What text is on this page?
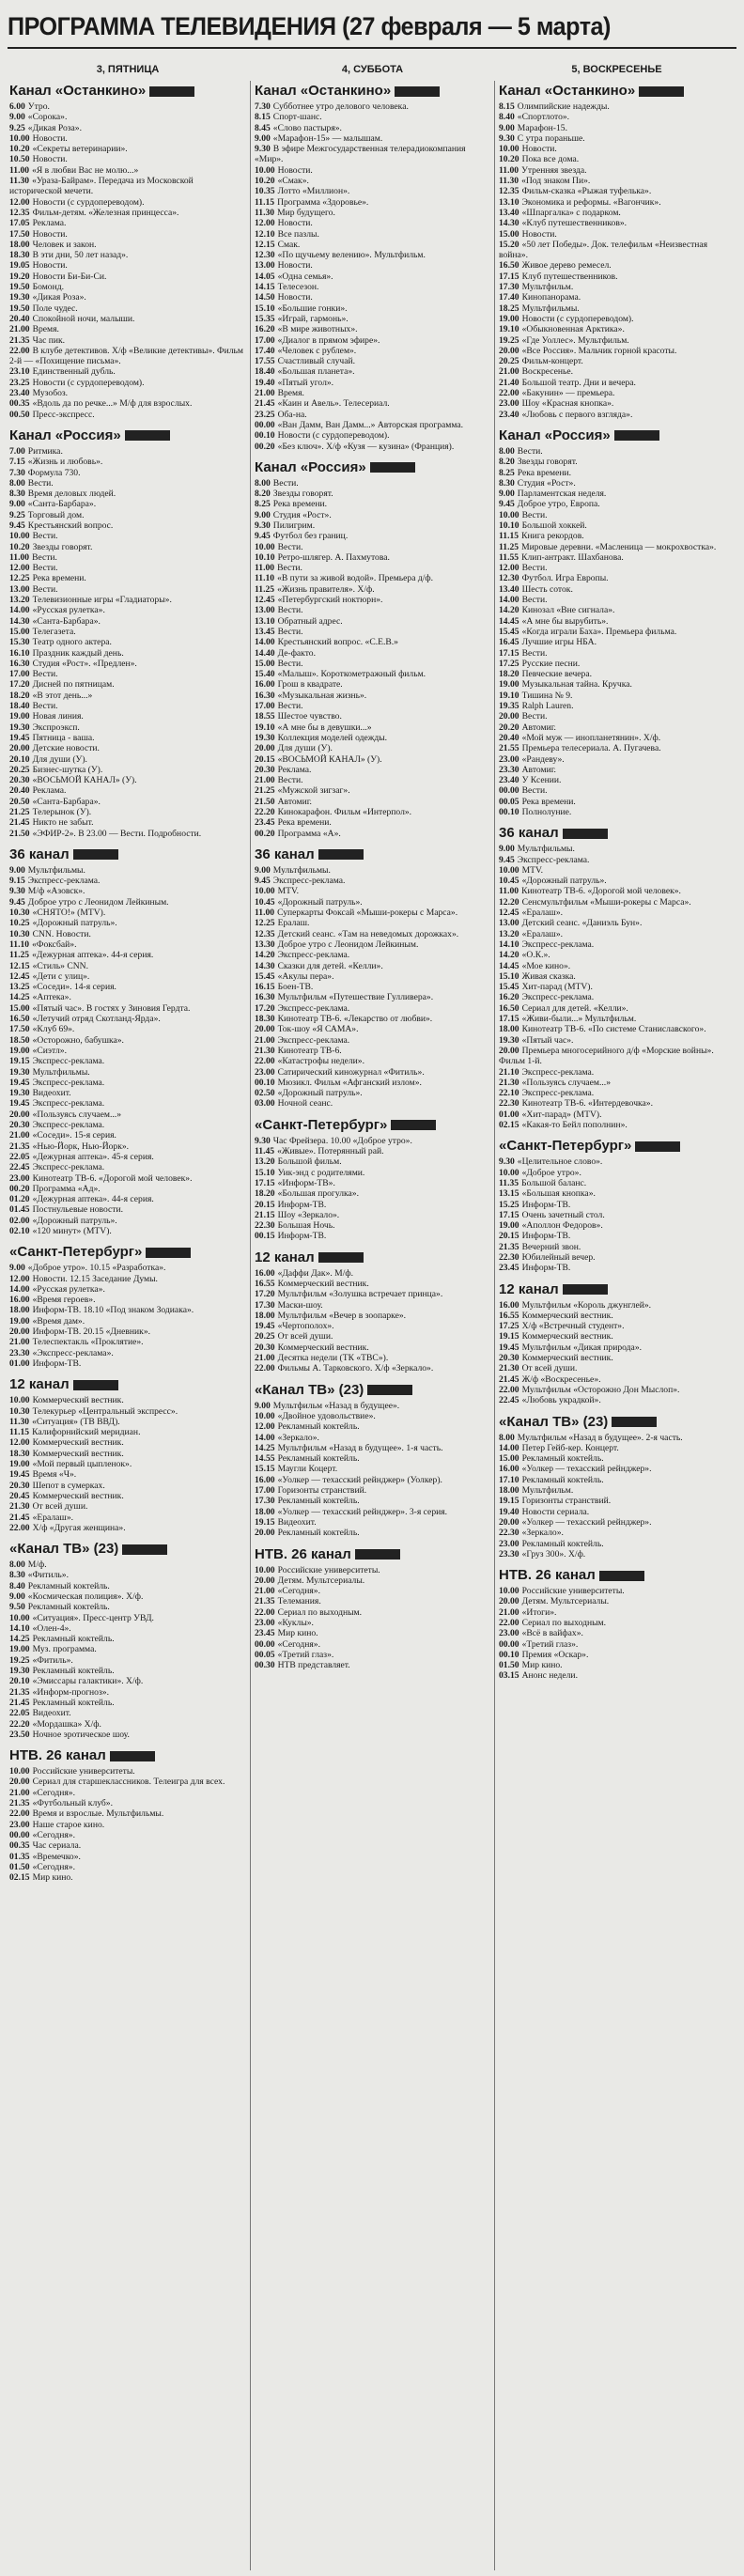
ПРОГРАММА ТЕЛЕВИДЕНИЯ (27 февраля — 5 марта)
3, ПЯТНИЦА
Канал «Останкино»

6.00 Утро.

9.00 «Сорока».

9.25 «Дикая Роза».

10.00 Новости.

10.20 «Секреты ветеринарии».

10.50 Новости.

11.00 «Я в любви Вас не молю...»

11.30 «Ураза-Байрам». Передача из Московской исторической мечети.

12.00 Новости (с сурдопереводом).

12.35 Фильм-детям. «Железная принцесса».

17.05 Реклама.

17.50 Новости.

18.00 Человек и закон.

18.30 В эти дни, 50 лет назад».

19.05 Новости.

19.20 Новости Би-Би-Си.

19.50 Бомонд.

19.30 «Дикая Роза».

19.50 Поле чудес.

20.40 Спокойной ночи, малыши.

21.00 Время.

21.35 Час пик.

22.00 В клубе детективов. Х/ф «Великие детективы». Фильм 2-й — «Похищение письма».

23.10 Единственный дубль.

23.25 Новости (с сурдопереводом).

23.40 Музобоз.

00.35 «Вдоль да по речке...» М/ф для взрослых.

00.50 Пресс-экспресс.

Канал «Россия»

7.00 Ритмика.

7.15 «Жизнь и любовь».

7.30 Формула 730.

8.00 Вести.

8.30 Время деловых людей.

9.00 «Санта-Барбара».

9.25 Торговый дом.

9.45 Крестьянский вопрос.

10.00 Вести.

10.20 Звезды говорят.

11.00 Вести.

12.00 Вести.

12.25 Река времени.

13.00 Вести.

13.20 Телевизионные игры «Гладиаторы».

14.00 «Русская рулетка».

14.30 «Санта-Барбара».

15.00 Телегазета.

15.30 Театр одного актера.

16.10 Праздник каждый день.

16.30 Студия «Рост». «Предлен».

17.00 Вести.

17.20 Дисней по пятницам.

18.20 «В этот день...»

18.40 Вести.

19.00 Новая линия.

19.30 Экспроэксп.

19.45 Пятница - ваша.

20.00 Детские новости.

20.10 Для души (У).

20.25 Бизнес-шутка (У).

20.30 «ВОСЬМОЙ КАНАЛ» (У).

20.40 Реклама.

20.50 «Санта-Барбара».

21.25 Телерынок (У).

21.45 Никто не забыт.

21.50 «ЭФИР-2». В 23.00 — Вести. Подробности.

36 канал

9.00 Мультфильмы.

9.15 Экспресс-реклама.

9.30 М/ф «Азовск».

9.45 Доброе утро с Леонидом Лейкиным.

10.30 «СНЯТО!» (MTV).

10.25 «Дорожный патруль».

10.30 CNN. Новости.

11.10 «Фоксбай».

11.25 «Дежурная аптека». 44-я серия.

12.15 «Стиль» CNN.

12.45 «Дети с улиц».

13.25 «Соседи». 14-я серия.

14.25 «Аптека».

15.00 «Пятый час». В гостях у Зиновия Гердта.

16.50 «Летучий отряд Скотланд-Ярда».

17.50 «Клуб 69».

18.50 «Осторожно, бабушка».

19.00 «Сиэтл».

19.15 Экспресс-реклама.

19.30 Мультфильмы.

19.45 Экспресс-реклама.

19.30 Видеохит.

19.45 Экспресс-реклама.

20.00 «Пользуясь случаем...»

20.30 Экспресс-реклама.

21.00 «Соседи». 15-я серия.

21.35 «Нью-Йорк, Нью-Йорк».

22.05 «Дежурная аптека». 45-я серия.

22.45 Экспресс-реклама.

23.00 Кинотеатр ТВ-6. «Дорогой мой человек».

00.20 Программа «Ад».

01.20 «Дежурная аптека». 44-я серия.

01.45 Постнульевые новости.

02.00 «Дорожный патруль».

02.10 «120 минут» (MTV).

«Санкт-Петербург»

9.00 «Доброе утро». 10.15 «Разработка».

12.00 Новости. 12.15 Заседание Думы.

14.00 «Русская рулетка».

16.00 «Время героев».

18.00 Информ-ТВ. 18.10 «Под знаком Зодиака».

19.00 «Время дам».

20.00 Информ-ТВ. 20.15 «Дневник».

21.00 Телеспектакль «Проклятие».

23.30 «Экспресс-реклама».

01.00 Информ-ТВ.

12 канал

10.00 Коммерческий вестник.

10.30 Телекурьер «Центральный экспресс».

11.30 «Ситуация» (ТВ ВВД).

11.15 Калифорнийский меридиан.

12.00 Коммерческий вестник.

18.30 Коммерческий вестник.

19.00 «Мой первый цыпленок».

19.45 Время «Ч».

20.30 Шепот в сумерках.

20.45 Коммерческий вестник.

21.30 От всей души.

21.45 «Ералаш».

22.00 Х/ф «Другая женщина».

«Канал ТВ» (23)

8.00 М/ф.

8.30 «Фитиль».

8.40 Рекламный коктейль.

9.00 «Космическая полиция». Х/ф.

9.50 Рекламный коктейль.

10.00 «Ситуация». Пресс-центр УВД.

14.10 «Олен-4».

14.25 Рекламный коктейль.

19.00 Муз. программа.

19.25 «Фитиль».

19.30 Рекламный коктейль.

20.10 «Эмиссары галактики». Х/ф.

21.35 «Информ-прогноз».

21.45 Рекламный коктейль.

22.05 Видеохит.

22.20 «Мордашка» Х/ф.

23.50 Ночное эротическое шоу.

НТВ. 26 канал

10.00 Российские университеты.

20.00 Сериал для старшеклассников. Телеигра для всех.

21.00 «Сегодня».

21.35 «Футбольный клуб».

22.00 Время и взрослые. Мультфильмы.

23.00 Наше старое кино.

00.00 «Сегодня».

00.35 Час сериала.

01.35 «Времечко».

01.50 «Сегодня».

02.15 Мир кино.

4, СУББОТА
Канал «Останкино»

7.30 Субботнее утро делового человека.

8.15 Спорт-шанс.

8.45 «Слово пастыря».

9.00 «Марафон-15» — малышам.

9.30 В эфире Межгосударственная телерадиокомпания «Мир».

10.00 Новости.

10.20 «Смак».

10.35 Лотто «Миллион».

11.15 Программа «Здоровье».

11.30 Мир будущего.

12.00 Новости.

12.10 Все пазлы.

12.15 Смак.

12.30 «По щучьему велению». Мультфильм.

13.00 Новости.

14.05 «Одна семья».

14.15 Телесезон.

14.50 Новости.

15.10 «Большие гонки».

15.35 «Играй, гармонь».

16.20 «В мире животных».

17.00 «Диалог в прямом эфире».

17.40 «Человек с рублем».

17.55 Счастливый случай.

18.40 «Большая планета».

19.40 «Пятый угол».

21.00 Время.

21.45 «Каин и Авель». Телесериал.

23.25 Оба-на.

00.00 «Ван Дамм, Ван Дамм...» Авторская программа.

00.10 Новости (с сурдопереводом).

00.20 «Без ключ». Х/ф «Кузя — кузина» (Франция).

Канал «Россия»

8.00 Вести.

8.20 Звезды говорят.

8.25 Река времени.

9.00 Студия «Рост».

9.30 Пилигрим.

9.45 Футбол без границ.

10.00 Вести.

10.10 Ретро-шлягер. А. Пахмутова.

11.00 Вести.

11.10 «В пути за живой водой». Премьера д/ф.

11.25 «Жизнь правителя». Х/ф.

12.45 «Петербургский ноктюрн».

13.00 Вести.

13.10 Обратный адрес.

13.45 Вести.

14.00 Крестьянский вопрос. «С.Е.В.»

14.40 Де-факто.

15.00 Вести.

15.40 «Малыш». Короткометражный фильм.

16.00 Грош в квадрате.

16.30 «Музыкальная жизнь».

17.00 Вести.

18.55 Шестое чувство.

19.10 «А мне бы в девушки...»

19.30 Коллекция моделей одежды.

20.00 Для души (У).

20.15 «ВОСЬМОЙ КАНАЛ» (У).

20.30 Реклама.

21.00 Вести.

21.25 «Мужской зигзаг».

21.50 Автомиг.

22.20 Кинокарафон. Фильм «Интерпол».

23.45 Река времени.

00.20 Программа «А».

36 канал

9.00 Мультфильмы.

9.45 Экспресс-реклама.

10.00 MTV.

10.45 «Дорожный патруль».

11.00 Суперкарты Фоксай «Мыши-рокеры с Марса».

12.25 Ералаш.

12.35 Детский сеанс. «Там на неведомых дорожках».

13.30 Доброе утро с Леонидом Лейкиным.

14.20 Экспресс-реклама.

14.30 Сказки для детей. «Келли».

15.45 «Акулы пера».

16.15 Боен-TB.

16.30 Мультфильм «Путешествие Гулливера».

17.20 Экспресс-реклама.

18.30 Кинотеатр ТВ-6. «Лекарство от любви».

20.00 Ток-шоу «Я САМА».

21.00 Экспресс-реклама.

21.30 Кинотеатр ТВ-6.

22.00 «Катастрофы недели».

23.00 Сатирический киножурнал «Фитиль».

00.10 Мюзикл. Фильм «Афганский излом».

02.50 «Дорожный патруль».

03.00 Ночной сеанс.

«Санкт-Петербург»

9.30 Час Фрейзера. 10.00 «Доброе утро».

11.45 «Живые». Потерянный рай.

13.20 Большой фильм.

15.10 Уик-энд с родителями.

17.15 «Информ-ТВ».

18.20 «Большая прогулка».

20.15 Информ-ТВ.

21.15 Шоу «Зеркало».

22.30 Большая Ночь.

00.15 Информ-ТВ.

12 канал

16.00 «Даффи Дак». М/ф.

16.55 Коммерческий вестник.

17.20 Мультфильм «Золушка встречает принца».

17.30 Маски-шоу.

18.00 Мультфильм «Вечер в зоопарке».

19.45 «Чертополох».

20.25 От всей души.

20.30 Коммерческий вестник.

21.00 Десятка недели (ТК «ТВС»).

22.00 Фильмы А. Тарковского. Х/ф «Зеркало».

«Канал ТВ» (23)

9.00 Мультфильм «Назад в будущее».

10.00 «Двойное удовольствие».

12.00 Рекламный коктейль.

14.00 «Зеркало».

14.25 Мультфильм «Назад в будущее». 1-я часть.

14.55 Рекламный коктейль.

15.15 Маугли Коцерт.

16.00 «Уолкер — техасский рейнджер» (Уолкер).

17.00 Горизонты странствий.

17.30 Рекламный коктейль.

18.00 «Уолкер — техасский рейнджер». 3-я серия.

19.15 Видеохит.

20.00 Рекламный коктейль.

НТВ. 26 канал

10.00 Российские университеты.

20.00 Детям. Мультсериалы.

21.00 «Сегодня».

21.35 Телемания.

22.00 Сериал по выходным.

23.00 «Куклы».

23.45 Мир кино.

00.00 «Сегодня».

00.05 «Третий глаз».

00.30 НТВ представляет.

5, ВОСКРЕСЕНЬЕ
Канал «Останкино»

8.15 Олимпийские надежды.

8.40 «Спортлото».

9.00 Марафон-15.

9.30 С утра пораньше.

10.00 Новости.

10.20 Пока все дома.

11.00 Утренняя звезда.

11.30 «Под знаком Пи».

12.35 Фильм-сказка «Рыжая туфелька».

13.10 Экономика и реформы. «Вагончик».

13.40 «Шпаргалка» с подарком.

14.30 «Клуб путешественников».

15.00 Новости.

15.20 «50 лет Победы». Док. телефильм «Неизвестная война».

16.50 Живое дерево ремесел.

17.15 Клуб путешественников.

17.30 Мультфильм.

17.40 Кинопанорама.

18.25 Мультфильмы.

19.00 Новости (с сурдопереводом).

19.10 «Обыкновенная Арктика».

19.25 «Где Уоллес». Мультфильм.

20.00 «Все Россия». Мальчик горной красоты.

20.25 Фильм-концерт.

21.00 Воскресенье.

21.40 Большой театр. Дни и вечера.

22.00 «Бакунин» — премьера.

23.00 Шоу «Красная кнопка».

23.40 «Любовь с первого взгляда».

Канал «Россия»

8.00 Вести.

8.20 Звезды говорят.

8.25 Река времени.

8.30 Студия «Рост».

9.00 Парламентская неделя.

9.45 Доброе утро, Европа.

10.00 Вести.

10.10 Большой хоккей.

11.15 Книга рекордов.

11.25 Мировые деревни. «Масленица — мокрохвостка».

11.55 Клип-антракт. Шахбанова.

12.00 Вести.

12.30 Футбол. Игра Европы.

13.40 Шесть соток.

14.00 Вести.

14.20 Кинозал «Вне сигнала».

14.45 «А мне бы вырубить».

15.45 «Когда играли Баха». Премьера фильма.

16.45 Лучшие игры НБА.

17.15 Вести.

17.25 Русские песни.

18.20 Певческие вечера.

19.00 Музыкальная тайна. Кручка.

19.10 Тишина № 9.

19.35 Ralph Lauren.

20.00 Вести.

20.20 Автомиг.

20.40 «Мой муж — инопланетянин». Х/ф.

21.55 Премьера телесериала. А. Пугачева.

23.00 «Рандеву».

23.30 Автомиг.

23.40 У Ксении.

00.00 Вести.

00.05 Река времени.

00.10 Полнолуние.

36 канал

9.00 Мультфильмы.

9.45 Экспресс-реклама.

10.00 MTV.

10.45 «Дорожный патруль».

11.00 Кинотеатр ТВ-6. «Дорогой мой человек».

12.20 Сенсмультфильм «Мыши-рокеры с Марса».

12.45 «Ералаш».

13.00 Детский сеанс. «Даниэль Бун».

13.20 «Ералаш».

14.10 Экспресс-реклама.

14.20 «О.К.».

14.45 «Мое кино».

15.10 Живая сказка.

15.45 Хит-парад (MTV).

16.20 Экспресс-реклама.

16.50 Сериал для детей. «Келли».

17.15 «Живи-были...» Мультфильм.

18.00 Кинотеатр ТВ-6. «По системе Станиславского».

19.30 «Пятый час».

20.00 Премьера многосерийного д/ф «Морские войны». Фильм 1-й.

21.10 Экспресс-реклама.

21.30 «Пользуясь случаем...»

22.10 Экспресс-реклама.

22.30 Кинотеатр ТВ-6. «Интердевочка».

01.00 «Хит-парад» (MTV).

02.15 «Какая-то Бейл пополнин».

«Санкт-Петербург»

9.30 «Целительное слово».

10.00 «Доброе утро».

11.35 Большой баланс.

13.15 «Большая кнопка».

15.25 Информ-ТВ.

17.15 Очень зачетный стол.

19.00 «Аполлон Федоров».

20.15 Информ-ТВ.

21.35 Вечерний звон.

22.30 Юбилейный вечер.

23.45 Информ-ТВ.

12 канал

16.00 Мультфильм «Король джунглей».

16.55 Коммерческий вестник.

17.25 Х/ф «Встречный студент».

19.15 Коммерческий вестник.

19.45 Мультфильм «Дикая природа».

20.30 Коммерческий вестник.

21.30 От всей души.

21.45 Ж/ф «Воскресенье».

22.00 Мультфильм «Осторожно Дон Мыслоп».

22.45 «Любовь украдкой».

«Канал ТВ» (23)

8.00 Мультфильм «Назад в будущее». 2-я часть.

14.00 Петер Гейб-кер. Концерт.

15.00 Рекламный коктейль.

16.00 «Уолкер — техасский рейнджер».

17.10 Рекламный коктейль.

18.00 Мультфильм.

19.15 Горизонты странствий.

19.40 Новости сериала.

20.00 «Уолкер — техасский рейнджер».

22.30 «Зеркало».

23.00 Рекламный коктейль.

23.30 «Груз 300». Х/ф.

НТВ. 26 канал

10.00 Российские университеты.

20.00 Детям. Мультсериалы.

21.00 «Итоги».

22.00 Сериал по выходным.

23.00 «Всё в вайфах».

00.00 «Третий глаз».

00.10 Премия «Оскар».

01.50 Мир кино.

03.15 Анонс недели.
